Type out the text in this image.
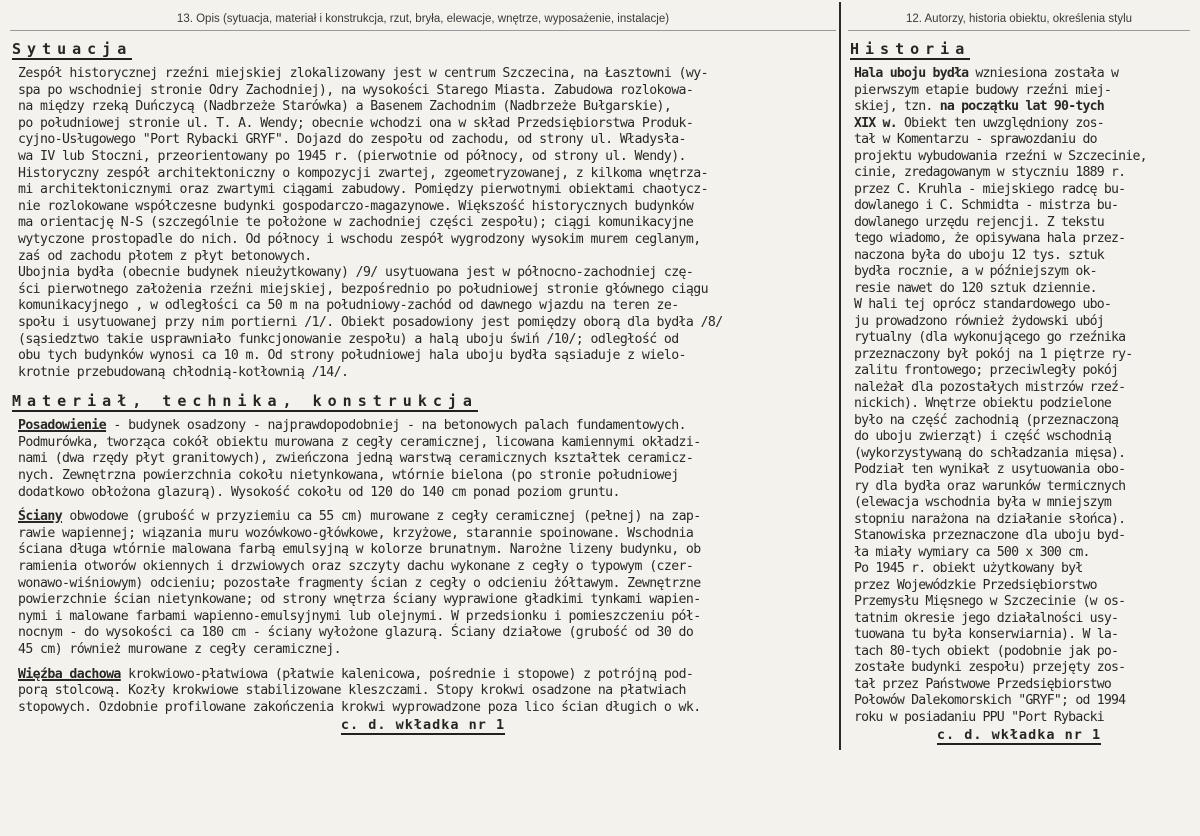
13. Opis (sytuacja, materiał i konstrukcja, rzut, bryła, elewacje, wnętrze, wyposażenie, instalacje)
Sytuacja

Zespół historycznej rzeźni miejskiej zlokalizowany jest w centrum Szczecina, na Łasztowni (wy-

spa po wschodniej stronie Odry Zachodniej), na wysokości Starego Miasta. Zabudowa rozlokowa-

na między rzeką Duńczycą (Nadbrzeże Starówka) a Basenem Zachodnim (Nadbrzeże Bułgarskie),

po południowej stronie ul. T. A. Wendy; obecnie wchodzi ona w skład Przedsiębiorstwa Produk-

cyjno-Usługowego "Port Rybacki GRYF". Dojazd do zespołu od zachodu, od strony ul. Władysła-

wa IV lub Stoczni, przeorientowany po 1945 r. (pierwotnie od północy, od strony ul. Wendy).

Historyczny zespół architektoniczny o kompozycji zwartej, zgeometryzowanej, z kilkoma wnętrza-

mi architektonicznymi oraz zwartymi ciągami zabudowy. Pomiędzy pierwotnymi obiektami chaotycz-

nie rozlokowane współczesne budynki gospodarczo-magazynowe. Większość historycznych budynków

ma orientację N-S (szczególnie te położone w zachodniej części zespołu); ciągi komunikacyjne

wytyczone prostopadle do nich. Od północy i wschodu zespół wygrodzony wysokim murem ceglanym,

zaś od zachodu płotem z płyt betonowych.

Ubojnia bydła (obecnie budynek nieużytkowany) /9/ usytuowana jest w północno-zachodniej czę-

ści pierwotnego założenia rzeźni miejskiej, bezpośrednio po południowej stronie głównego ciągu

komunikacyjnego , w odległości ca 50 m na południowy-zachód od dawnego wjazdu na teren ze-

społu i usytuowanej przy nim portierni /1/. Obiekt posadowiony jest pomiędzy oborą dla bydła /8/

(sąsiedztwo takie usprawniało funkcjonowanie zespołu) a halą uboju świń /10/; odległość od

obu tych budynków wynosi ca 10 m. Od strony południowej hala uboju bydła sąsiaduje z wielo-

krotnie przebudowaną chłodnią-kotłownią /14/.

Materiał, technika, konstrukcja

Posadowienie - budynek osadzony - najprawdopodobniej - na betonowych palach fundamentowych.

Podmurówka, tworząca cokół obiektu murowana z cegły ceramicznej, licowana kamiennymi okładzi-

nami (dwa rzędy płyt granitowych), zwieńczona jedną warstwą ceramicznych kształtek ceramicz-

nych. Zewnętrzna powierzchnia cokołu nietynkowana, wtórnie bielona (po stronie południowej

dodatkowo obłożona glazurą). Wysokość cokołu od 120 do 140 cm ponad poziom gruntu.

Ściany obwodowe (grubość w przyziemiu ca 55 cm) murowane z cegły ceramicznej (pełnej) na zap-

rawie wapiennej; wiązania muru wozówkowo-główkowe, krzyżowe, starannie spoinowane. Wschodnia

ściana długa wtórnie malowana farbą emulsyjną w kolorze brunatnym. Narożne lizeny budynku, ob

ramienia otworów okiennych i drzwiowych oraz szczyty dachu wykonane z cegły o typowym (czer-

wonawo-wiśniowym) odcieniu; pozostałe fragmenty ścian z cegły o odcieniu żółtawym. Zewnętrzne

powierzchnie ścian nietynkowane; od strony wnętrza ściany wyprawione gładkimi tynkami wapien-

nymi i malowane farbami wapienno-emulsyjnymi lub olejnymi. W przedsionku i pomieszczeniu pół-

nocnym - do wysokości ca 180 cm - ściany wyłożone glazurą. Ściany działowe (grubość od 30 do

45 cm) również murowane z cegły ceramicznej.

Więźba dachowa krokwiowo-płatwiowa (płatwie kalenicowa, pośrednie i stopowe) z potrójną pod-

porą stolcową. Kozły krokwiowe stabilizowane kleszczami. Stopy krokwi osadzone na płatwiach

stopowych. Ozdobnie profilowane zakończenia krokwi wyprowadzone poza lico ścian długich o wk.

c. d. wkładka nr 1
12. Autorzy, historia obiektu, określenia stylu
Historia

Hala uboju bydła wzniesiona została w

pierwszym etapie budowy rzeźni miej-

skiej, tzn. na początku lat 90-tych

XIX w. Obiekt ten uwzględniony zos-

tał w Komentarzu - sprawozdaniu do

projektu wybudowania rzeźni w Szczecinie,

cinie, zredagowanym w styczniu 1889 r.

przez C. Kruhla - miejskiego radcę bu-

dowlanego i C. Schmidta - mistrza bu-

dowlanego urzędu rejencji. Z tekstu

tego wiadomo, że opisywana hala przez-

naczona była do uboju 12 tys. sztuk

bydła rocznie, a w późniejszym ok-

resie nawet do 120 sztuk dziennie.

W hali tej oprócz standardowego ubo-

ju prowadzono również żydowski ubój

rytualny (dla wykonującego go rzeźnika

przeznaczony był pokój na 1 piętrze ry-

zalitu frontowego; przeciwległy pokój

należał dla pozostałych mistrzów rzeź-

nickich). Wnętrze obiektu podzielone

było na część zachodnią (przeznaczoną

do uboju zwierząt) i część wschodnią

(wykorzystywaną do schładzania mięsa).

Podział ten wynikał z usytuowania obo-

ry dla bydła oraz warunków termicznych

(elewacja wschodnia była w mniejszym

stopniu narażona na działanie słońca).

Stanowiska przeznaczone dla uboju byd-

ła miały wymiary ca 500 x 300 cm.

Po 1945 r. obiekt użytkowany był

przez Wojewódzkie Przedsiębiorstwo

Przemysłu Mięsnego w Szczecinie (w os-

tatnim okresie jego działalności usy-

tuowana tu była konserwiarnia). W la-

tach 80-tych obiekt (podobnie jak po-

zostałe budynki zespołu) przejęty zos-

tał przez Państwowe Przedsiębiorstwo

Połowów Dalekomorskich "GRYF"; od 1994

roku w posiadaniu PPU "Port Rybacki

c. d. wkładka nr 1
